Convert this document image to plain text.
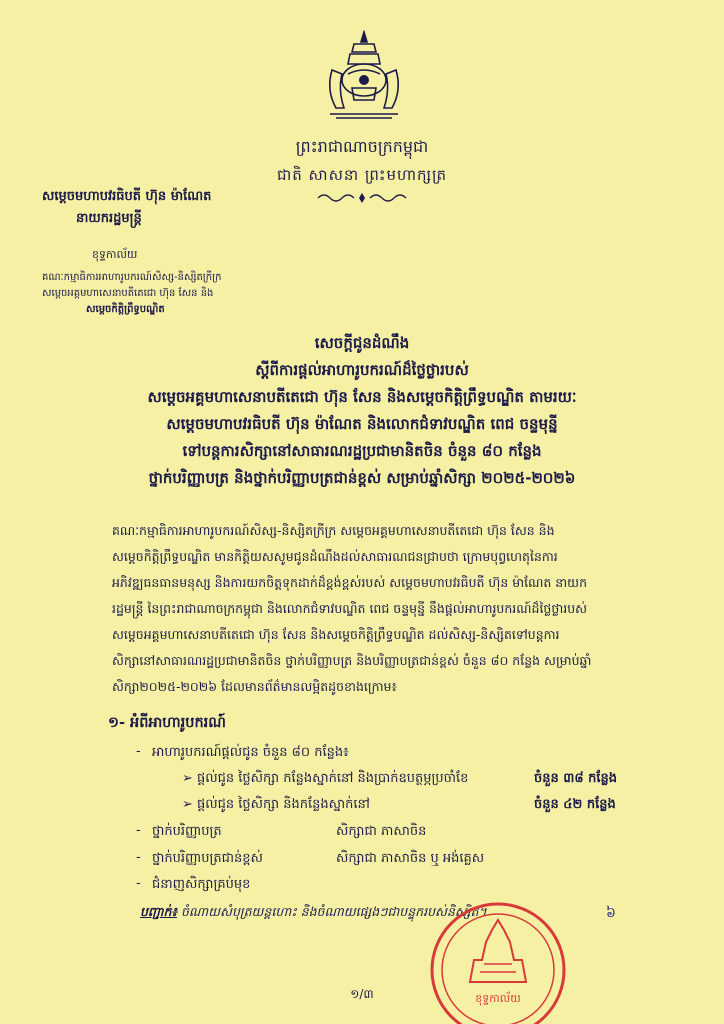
ព្រះរាជាណាចក្រកម្ពុជា
ជាតិ សាសនា ព្រះមហាក្សត្រ
សម្តេចមហាបវរធិបតី ហ៊ុន ម៉ាណែត
នាយករដ្ឋមន្ត្រី
ខុទ្ទកាល័យ
គណៈកម្មាធិការអាហារូបករណ៍សិស្ស-និស្សិតក្រីក្រ
សម្តេចអគ្គមហាសេនាបតីតេជោ ហ៊ុន សែន និង
សម្តេចកិត្តិព្រឹទ្ធបណ្ឌិត
សេចក្តីជូនដំណឹង
ស្តីពីការផ្តល់អាហារូបករណ៍ដ៏ថ្លៃថ្លារបស់
សម្តេចអគ្គមហាសេនាបតីតេជោ ហ៊ុន សែន និងសម្តេចកិត្តិព្រឹទ្ធបណ្ឌិត តាមរយៈ
សម្តេចមហាបវរធិបតី ហ៊ុន ម៉ាណែត និងលោកជំទាវបណ្ឌិត ពេជ ចន្ទមុន្នី
ទៅបន្តការសិក្សានៅសាធារណរដ្ឋប្រជាមានិតចិន ចំនួន ៨០ កន្លែង
ថ្នាក់បរិញ្ញាបត្រ និងថ្នាក់បរិញ្ញាបត្រជាន់ខ្ពស់ សម្រាប់ឆ្នាំសិក្សា ២០២៥-២០២៦
គណៈកម្មាធិការអាហារូបករណ៍សិស្ស-និស្សិតក្រីក្រ សម្តេចអគ្គមហាសេនាបតីតេជោ ហ៊ុន សែន និង
សម្តេចកិត្តិព្រឹទ្ធបណ្ឌិត មានកិត្តិយសសូមជូនដំណឹងដល់សាធារណជនជ្រាបថា ក្រោមបុព្វហេតុនៃការ
អភិវឌ្ឍធនធានមនុស្ស និងការយកចិត្តទុកដាក់ដ៏ខ្ពង់ខ្ពស់របស់ សម្តេចមហាបវរធិបតី ហ៊ុន ម៉ាណែត នាយក
រដ្ឋមន្ត្រី នៃព្រះរាជាណាចក្រកម្ពុជា និងលោកជំទាវបណ្ឌិត ពេជ ចន្ទមុន្នី នឹងផ្តល់អាហារូបករណ៍ដ៏ថ្លៃថ្លារបស់
សម្តេចអគ្គមហាសេនាបតីតេជោ ហ៊ុន សែន និងសម្តេចកិត្តិព្រឹទ្ធបណ្ឌិត ដល់សិស្ស-និស្សិតទៅបន្តការ
សិក្សានៅសាធារណរដ្ឋប្រជាមានិតចិន ថ្នាក់បរិញ្ញាបត្រ និងបរិញ្ញាបត្រជាន់ខ្ពស់ ចំនួន ៨០ កន្លែង សម្រាប់ឆ្នាំ
សិក្សា២០២៥-២០២៦ ដែលមានព័ត៌មានលម្អិតដូចខាងក្រោម៖
១- អំពីអាហារូបករណ៍
- អាហារូបករណ៍ផ្តល់ជូន ចំនួន ៨០ កន្លែង៖
➢ ផ្តល់ជូន ថ្លៃសិក្សា កន្លែងស្នាក់នៅ និងប្រាក់ឧបត្ថម្ភប្រចាំខែ	ចំនួន ៣៨ កន្លែង
➢ ផ្តល់ជូន ថ្លៃសិក្សា និងកន្លែងស្នាក់នៅ	ចំនួន ៤២ កន្លែង
- ថ្នាក់បរិញ្ញាបត្រ	សិក្សាជា ភាសាចិន
- ថ្នាក់បរិញ្ញាបត្រជាន់ខ្ពស់	សិក្សាជា ភាសាចិន ឬ អង់គ្លេស
- ជំនាញសិក្សាគ្រប់មុខ
បញ្ជាក់៖ ចំណាយសំបុត្រយន្តហោះ និងចំណាយផ្សេងៗជាបន្ទុករបស់និស្សិត។	៦
ខុទ្ទកាល័យ
១/៣
